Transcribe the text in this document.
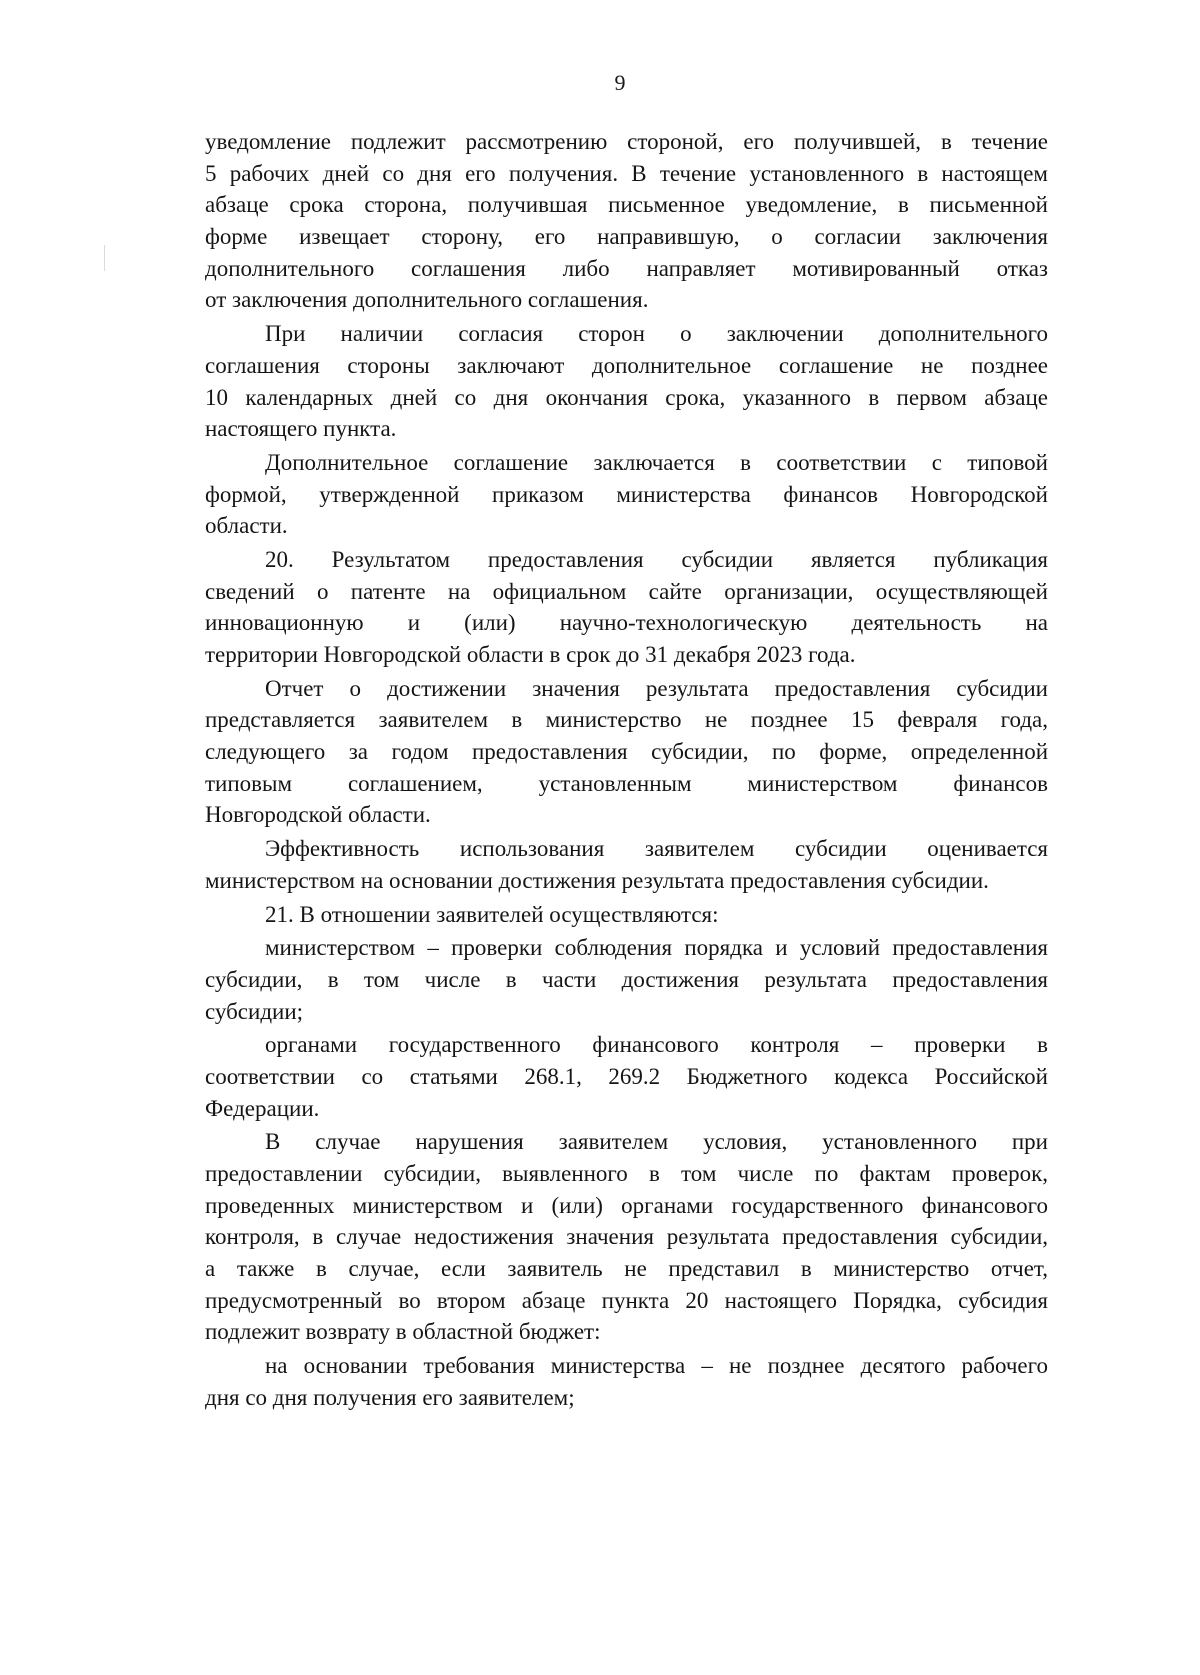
9
уведомление подлежит рассмотрению стороной, его получившей, в течение
5 рабочих дней со дня его получения. В течение установленного в настоящем
абзаце срока сторона, получившая письменное уведомление, в письменной
форме извещает сторону, его направившую, о согласии заключения
дополнительного соглашения либо направляет мотивированный отказ
от заключения дополнительного соглашения.
При наличии согласия сторон о заключении дополнительного
соглашения стороны заключают дополнительное соглашение не позднее
10 календарных дней со дня окончания срока, указанного в первом абзаце
настоящего пункта.
Дополнительное соглашение заключается в соответствии с типовой
формой, утвержденной приказом министерства финансов Новгородской
области.
20. Результатом предоставления субсидии является публикация
сведений о патенте на официальном сайте организации, осуществляющей
инновационную и (или) научно-технологическую деятельность на
территории Новгородской области в срок до 31 декабря 2023 года.
Отчет о достижении значения результата предоставления субсидии
представляется заявителем в министерство не позднее 15 февраля года,
следующего за годом предоставления субсидии, по форме, определенной
типовым соглашением, установленным министерством финансов
Новгородской области.
Эффективность использования заявителем субсидии оценивается
министерством на основании достижения результата предоставления субсидии.
21. В отношении заявителей осуществляются:
министерством – проверки соблюдения порядка и условий предоставления
субсидии, в том числе в части достижения результата предоставления
субсидии;
органами государственного финансового контроля – проверки в
соответствии со статьями 268.1, 269.2 Бюджетного кодекса Российской
Федерации.
В случае нарушения заявителем условия, установленного при
предоставлении субсидии, выявленного в том числе по фактам проверок,
проведенных министерством и (или) органами государственного финансового
контроля, в случае недостижения значения результата предоставления субсидии,
а также в случае, если заявитель не представил в министерство отчет,
предусмотренный во втором абзаце пункта 20 настоящего Порядка, субсидия
подлежит возврату в областной бюджет:
на основании требования министерства – не позднее десятого рабочего
дня со дня получения его заявителем;
